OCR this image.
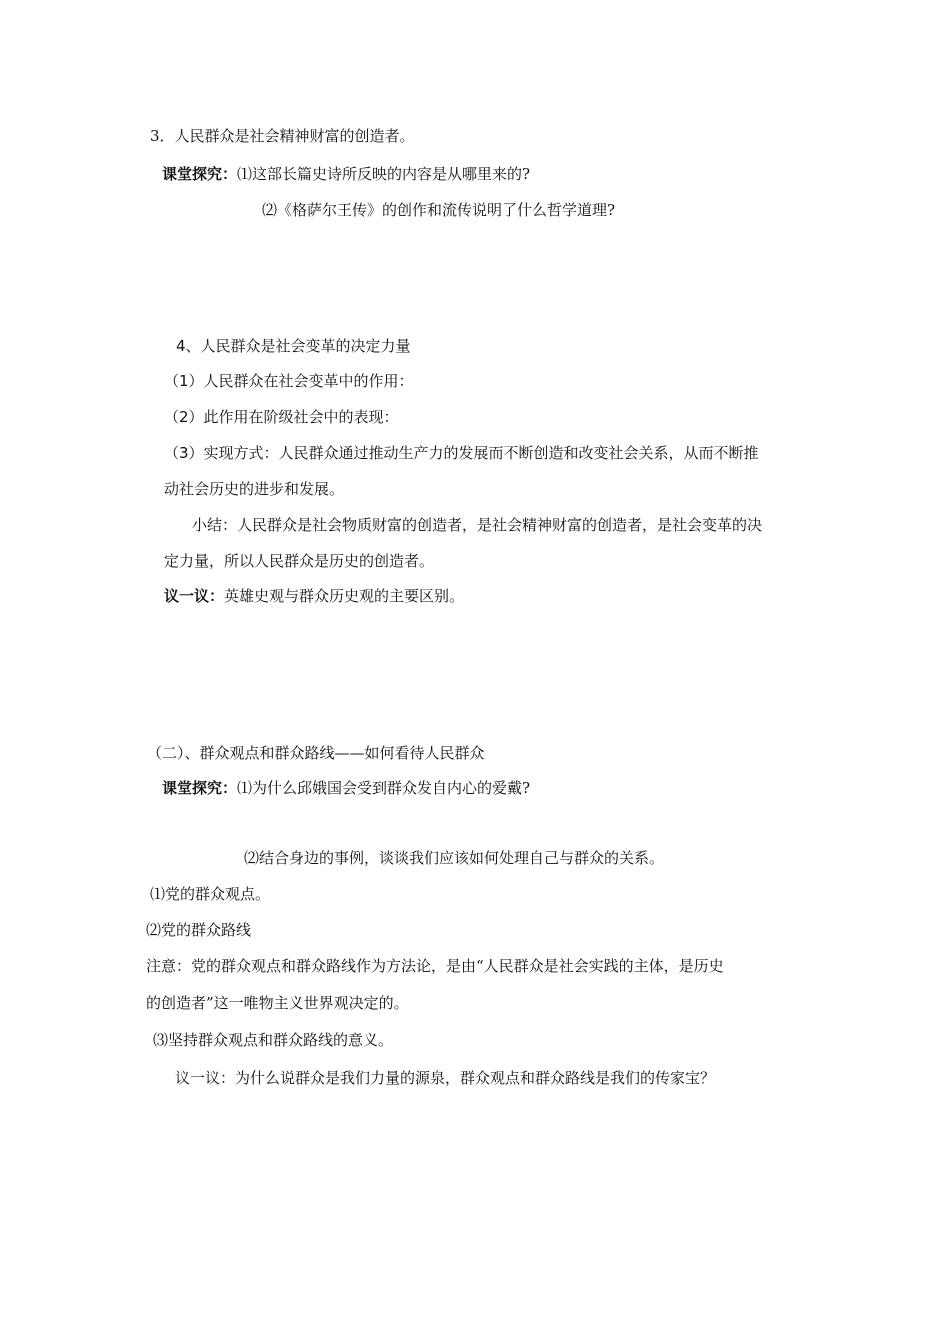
3．人民群众是社会精神财富的创造者。
课堂探究：⑴这部长篇史诗所反映的内容是从哪里来的?
⑵《格萨尔王传》的创作和流传说明了什么哲学道理?
4、人民群众是社会变革的决定力量
（1）人民群众在社会变革中的作用：
（2）此作用在阶级社会中的表现：
（3）实现方式：人民群众通过推动生产力的发展而不断创造和改变社会关系，从而不断推
动社会历史的进步和发展。
小结：人民群众是社会物质财富的创造者，是社会精神财富的创造者，是社会变革的决
定力量，所以人民群众是历史的创造者。
议一议：英雄史观与群众历史观的主要区别。
（二）、群众观点和群众路线——如何看待人民群众
课堂探究：⑴为什么邱娥国会受到群众发自内心的爱戴?
⑵结合身边的事例，谈谈我们应该如何处理自己与群众的关系。
⑴党的群众观点。
⑵党的群众路线
注意：党的群众观点和群众路线作为方法论，是由“人民群众是社会实践的主体，是历史
的创造者”这一唯物主义世界观决定的。
⑶坚持群众观点和群众路线的意义。
议一议：为什么说群众是我们力量的源泉，群众观点和群众路线是我们的传家宝？
